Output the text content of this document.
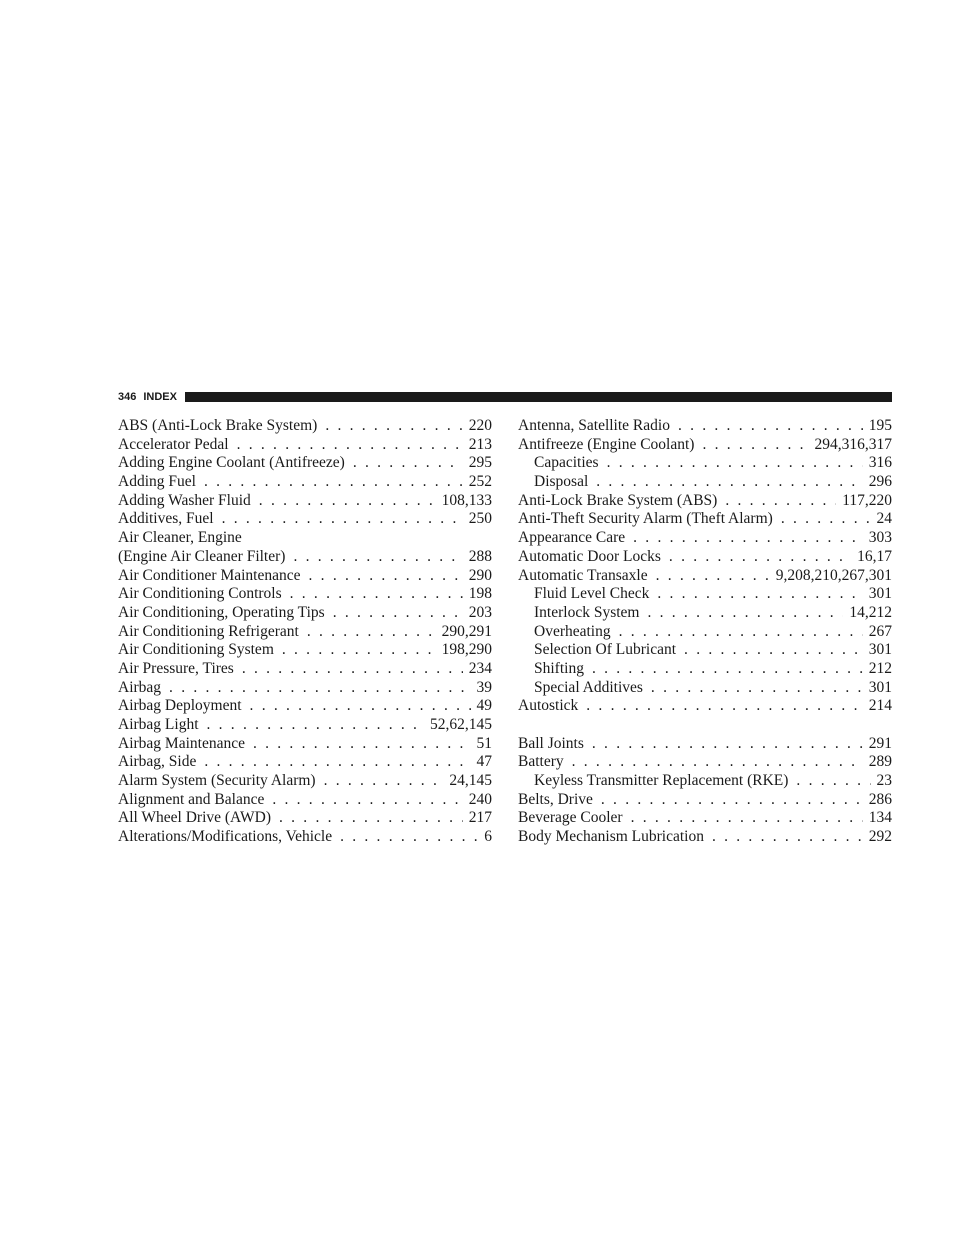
346 INDEX
ABS (Anti-Lock Brake System) . . .	220
Accelerator Pedal . . .	213
Adding Engine Coolant (Antifreeze) . . .	295
Adding Fuel . . .	252
Adding Washer Fluid . . .	108,133
Additives, Fuel . . .	250
Air Cleaner, Engine
(Engine Air Cleaner Filter) . . .	288
Air Conditioner Maintenance . . .	290
Air Conditioning Controls . . .	198
Air Conditioning, Operating Tips . . .	203
Air Conditioning Refrigerant . . .	290,291
Air Conditioning System . . .	198,290
Air Pressure, Tires . . .	234
Airbag . . .	39
Airbag Deployment . . .	49
Airbag Light . . .	52,62,145
Airbag Maintenance . . .	51
Airbag, Side . . .	47
Alarm System (Security Alarm) . . .	24,145
Alignment and Balance . . .	240
All Wheel Drive (AWD) . . .	217
Alterations/Modifications, Vehicle . . .	6
Antenna, Satellite Radio . . .	195
Antifreeze (Engine Coolant) . . .	294,316,317
Capacities . . .	316
Disposal . . .	296
Anti-Lock Brake System (ABS) . . .	117,220
Anti-Theft Security Alarm (Theft Alarm) . . .	24
Appearance Care . . .	303
Automatic Door Locks . . .	16,17
Automatic Transaxle . . .	9,208,210,267,301
Fluid Level Check . . .	301
Interlock System . . .	14,212
Overheating . . .	267
Selection Of Lubricant . . .	301
Shifting . . .	212
Special Additives . . .	301
Autostick . . .	214
Ball Joints . . .	291
Battery . . .	289
Keyless Transmitter Replacement (RKE) . . .	23
Belts, Drive . . .	286
Beverage Cooler . . .	134
Body Mechanism Lubrication . . .	292
